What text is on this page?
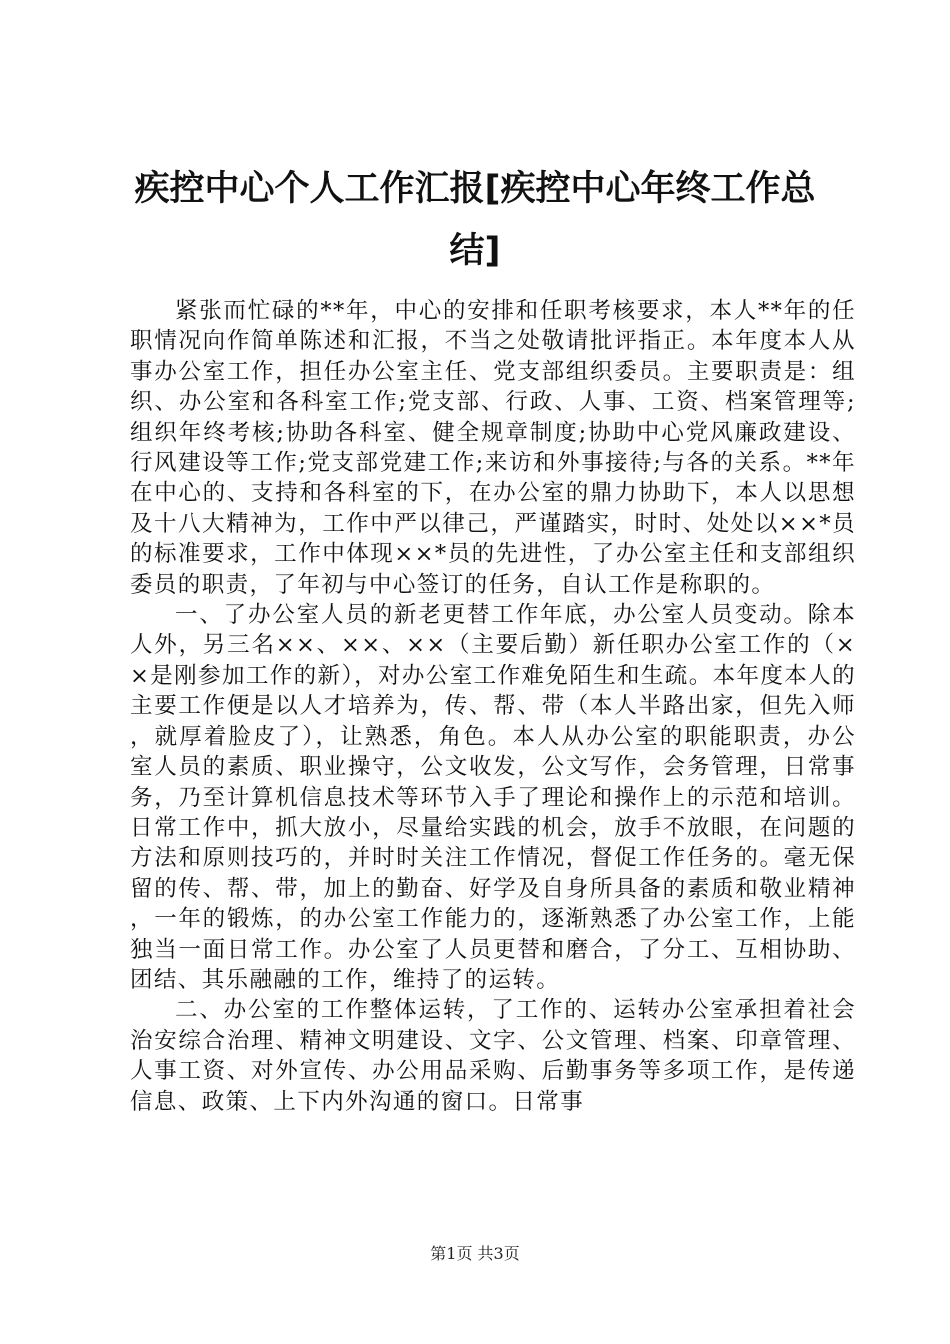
疾控中心个人工作汇报[疾控中心年终工作总结]

紧张而忙碌的**年，中心的安排和任职考核要求，本人**年的任职情况向作简单陈述和汇报，不当之处敬请批评指正。本年度本人从事办公室工作，担任办公室主任、党支部组织委员。主要职责是：组织、办公室和各科室工作;党支部、行政、人事、工资、档案管理等;组织年终考核;协助各科室、健全规章制度;协助中心党风廉政建设、行风建设等工作;党支部党建工作;来访和外事接待;与各的关系。**年在中心的、支持和各科室的下，在办公室的鼎力协助下，本人以思想及十八大精神为，工作中严以律己，严谨踏实，时时、处处以××*员的标准要求，工作中体现××*员的先进性，了办公室主任和支部组织委员的职责，了年初与中心签订的任务，自认工作是称职的。

一、了办公室人员的新老更替工作年底，办公室人员变动。除本人外，另三名××、××、××（主要后勤）新任职办公室工作的（××是刚参加工作的新），对办公室工作难免陌生和生疏。本年度本人的主要工作便是以人才培养为，传、帮、带（本人半路出家，但先入师，就厚着脸皮了），让熟悉，角色。本人从办公室的职能职责，办公室人员的素质、职业操守，公文收发，公文写作，会务管理，日常事务，乃至计算机信息技术等环节入手了理论和操作上的示范和培训。日常工作中，抓大放小，尽量给实践的机会，放手不放眼，在问题的方法和原则技巧的，并时时关注工作情况，督促工作任务的。毫无保留的传、帮、带，加上的勤奋、好学及自身所具备的素质和敬业精神，一年的锻炼，的办公室工作能力的，逐渐熟悉了办公室工作，上能独当一面日常工作。办公室了人员更替和磨合，了分工、互相协助、团结、其乐融融的工作，维持了的运转。

二、办公室的工作整体运转，了工作的、运转办公室承担着社会治安综合治理、精神文明建设、文字、公文管理、档案、印章管理、人事工资、对外宣传、办公用品采购、后勤事务等多项工作，是传递信息、政策、上下内外沟通的窗口。日常事

第1页 共3页
